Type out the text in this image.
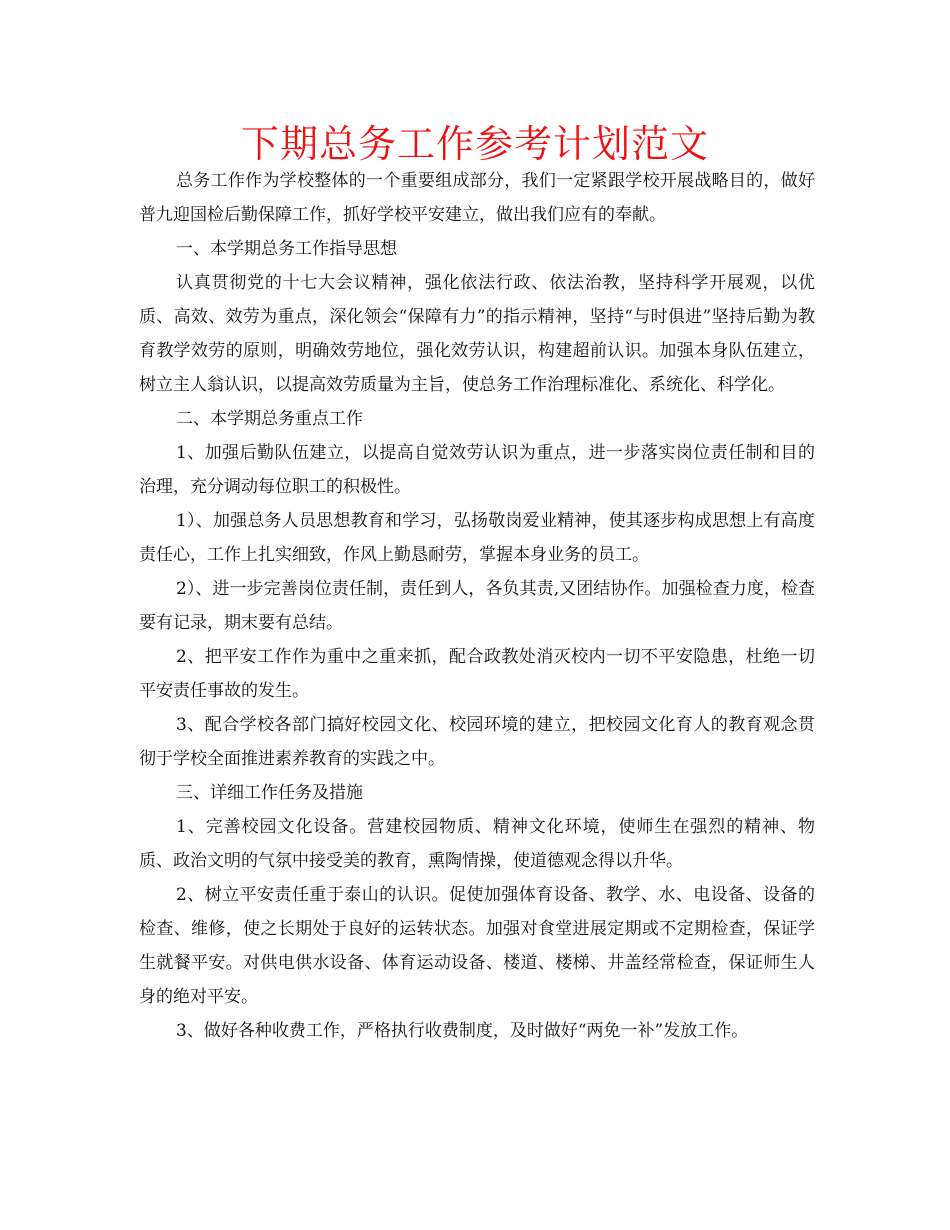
下期总务工作参考计划范文

总务工作作为学校整体的一个重要组成部分，我们一定紧跟学校开展战略目的，做好普九迎国检后勤保障工作，抓好学校平安建立，做出我们应有的奉献。

一、本学期总务工作指导思想

认真贯彻党的十七大会议精神，强化依法行政、依法治教，坚持科学开展观，以优质、高效、效劳为重点，深化领会“保障有力”的指示精神，坚持“与时俱进”坚持后勤为教育教学效劳的原则，明确效劳地位，强化效劳认识，构建超前认识。加强本身队伍建立，树立主人翁认识，以提高效劳质量为主旨，使总务工作治理标准化、系统化、科学化。

二、本学期总务重点工作

1、加强后勤队伍建立，以提高自觉效劳认识为重点，进一步落实岗位责任制和目的治理，充分调动每位职工的积极性。

1）、加强总务人员思想教育和学习，弘扬敬岗爱业精神，使其逐步构成思想上有高度责任心，工作上扎实细致，作风上勤恳耐劳，掌握本身业务的员工。

2）、进一步完善岗位责任制，责任到人，各负其责,又团结协作。加强检查力度，检查要有记录，期末要有总结。

2、把平安工作作为重中之重来抓，配合政教处消灭校内一切不平安隐患，杜绝一切平安责任事故的发生。

3、配合学校各部门搞好校园文化、校园环境的建立，把校园文化育人的教育观念贯彻于学校全面推进素养教育的实践之中。

三、详细工作任务及措施

1、完善校园文化设备。营建校园物质、精神文化环境，使师生在强烈的精神、物质、政治文明的气氛中接受美的教育，熏陶情操，使道德观念得以升华。

2、树立平安责任重于泰山的认识。促使加强体育设备、教学、水、电设备、设备的检查、维修，使之长期处于良好的运转状态。加强对食堂进展定期或不定期检查，保证学生就餐平安。对供电供水设备、体育运动设备、楼道、楼梯、井盖经常检查，保证师生人身的绝对平安。

3、做好各种收费工作，严格执行收费制度，及时做好“两免一补”发放工作。
